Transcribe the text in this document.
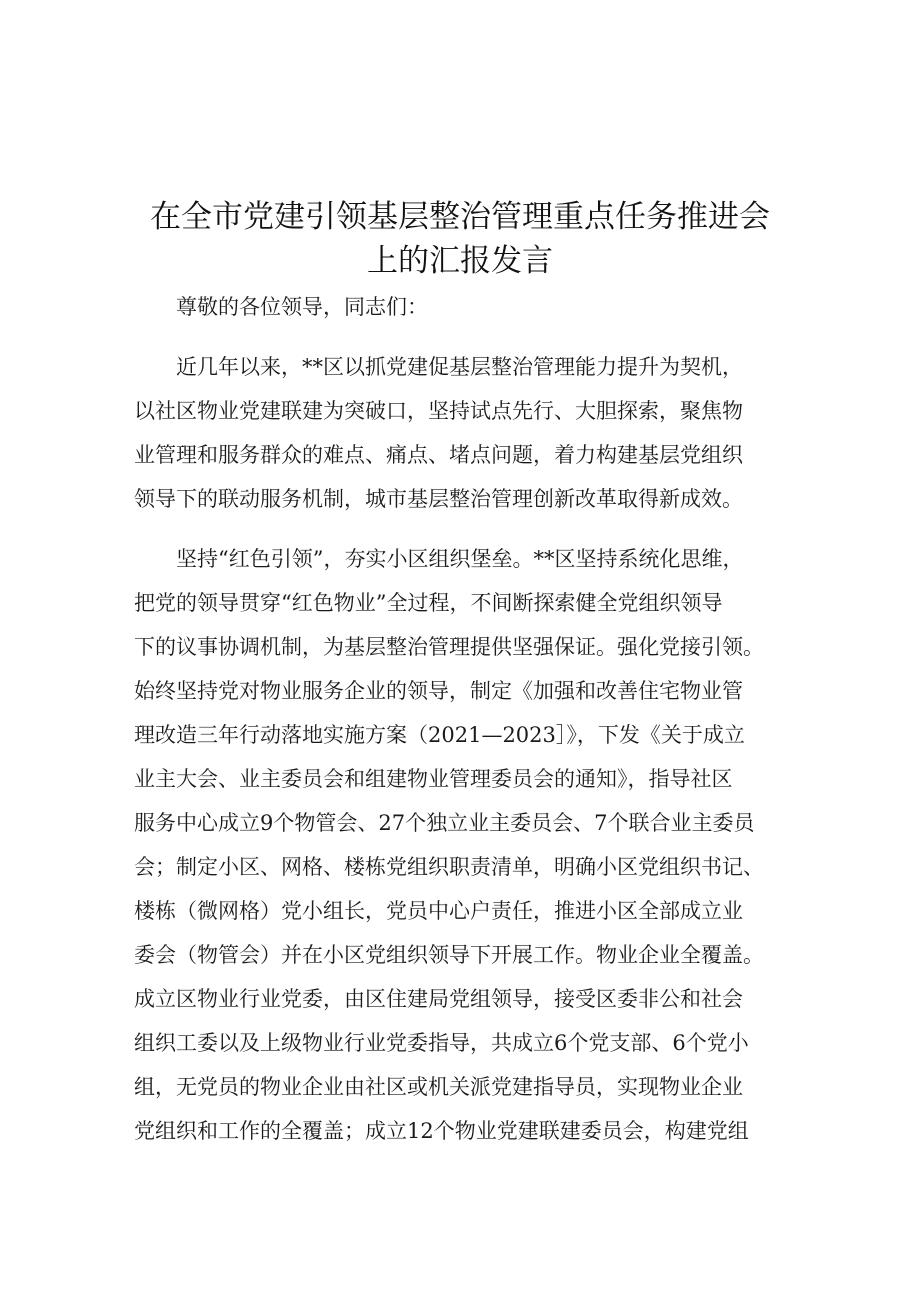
在全市党建引领基层整治管理重点任务推进会
上的汇报发言

尊敬的各位领导，同志们：

近几年以来，**区以抓党建促基层整治管理能力提升为契机，
以社区物业党建联建为突破口，坚持试点先行、大胆探索，聚焦物
业管理和服务群众的难点、痛点、堵点问题，着力构建基层党组织
领导下的联动服务机制，城市基层整治管理创新改革取得新成效。
坚持“红色引领”，夯实小区组织堡垒。**区坚持系统化思维，
把党的领导贯穿“红色物业”全过程，不间断探索健全党组织领导
下的议事协调机制，为基层整治管理提供坚强保证。强化党接引领。
始终坚持党对物业服务企业的领导，制定《加强和改善住宅物业管
理改造三年行动落地实施方案（2021—2023］》，下发《关于成立
业主大会、业主委员会和组建物业管理委员会的通知》，指导社区
服务中心成立9个物管会、27个独立业主委员会、7个联合业主委员
会；制定小区、网格、楼栋党组织职责清单，明确小区党组织书记、
楼栋（微网格）党小组长，党员中心户责任，推进小区全部成立业
委会（物管会）并在小区党组织领导下开展工作。物业企业全覆盖。
成立区物业行业党委，由区住建局党组领导，接受区委非公和社会
组织工委以及上级物业行业党委指导，共成立6个党支部、6个党小
组，无党员的物业企业由社区或机关派党建指导员，实现物业企业
党组织和工作的全覆盖；成立12个物业党建联建委员会，构建党组
